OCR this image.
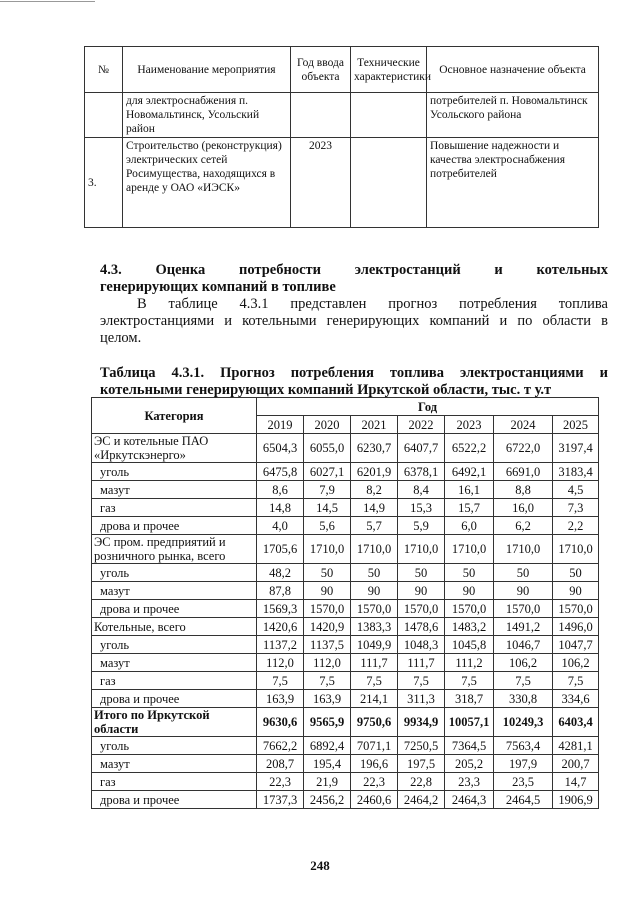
№	Наименование мероприятия	Год ввода объекта	Технические характеристики	Основное назначение объекта
	для электроснабжения п. Новомальтинск, Усольский район			потребителей п. Новомальтинск Усольского района
3.	Строительство (реконструкция) электрических сетей Росимущества, находящихся в аренде у ОАО «ИЭСК»	2023		Повышение надежности и качества электроснабжения потребителей
4.3. Оценка потребности электростанций и котельных
генерирующих компаний в топливе
В таблице 4.3.1 представлен прогноз потребления топлива
электростанциями и котельными генерирующих компаний и по области в
целом.
Таблица 4.3.1. Прогноз потребления топлива электростанциями и
котельными генерирующих компаний Иркутской области, тыс. т у.т
Категория	Год						
	2019	2020	2021	2022	2023	2024	2025
ЭС и котельные ПАО «Иркутскэнерго»	6504,3	6055,0	6230,7	6407,7	6522,2	6722,0	3197,4
уголь	6475,8	6027,1	6201,9	6378,1	6492,1	6691,0	3183,4
мазут	8,6	7,9	8,2	8,4	16,1	8,8	4,5
газ	14,8	14,5	14,9	15,3	15,7	16,0	7,3
дрова и прочее	4,0	5,6	5,7	5,9	6,0	6,2	2,2
ЭС пром. предприятий и розничного рынка, всего	1705,6	1710,0	1710,0	1710,0	1710,0	1710,0	1710,0
уголь	48,2	50	50	50	50	50	50
мазут	87,8	90	90	90	90	90	90
дрова и прочее	1569,3	1570,0	1570,0	1570,0	1570,0	1570,0	1570,0
Котельные, всего	1420,6	1420,9	1383,3	1478,6	1483,2	1491,2	1496,0
уголь	1137,2	1137,5	1049,9	1048,3	1045,8	1046,7	1047,7
мазут	112,0	112,0	111,7	111,7	111,2	106,2	106,2
газ	7,5	7,5	7,5	7,5	7,5	7,5	7,5
дрова и прочее	163,9	163,9	214,1	311,3	318,7	330,8	334,6
Итого по Иркутской области	9630,6	9565,9	9750,6	9934,9	10057,1	10249,3	6403,4
уголь	7662,2	6892,4	7071,1	7250,5	7364,5	7563,4	4281,1
мазут	208,7	195,4	196,6	197,5	205,2	197,9	200,7
газ	22,3	21,9	22,3	22,8	23,3	23,5	14,7
дрова и прочее	1737,3	2456,2	2460,6	2464,2	2464,3	2464,5	1906,9
248
